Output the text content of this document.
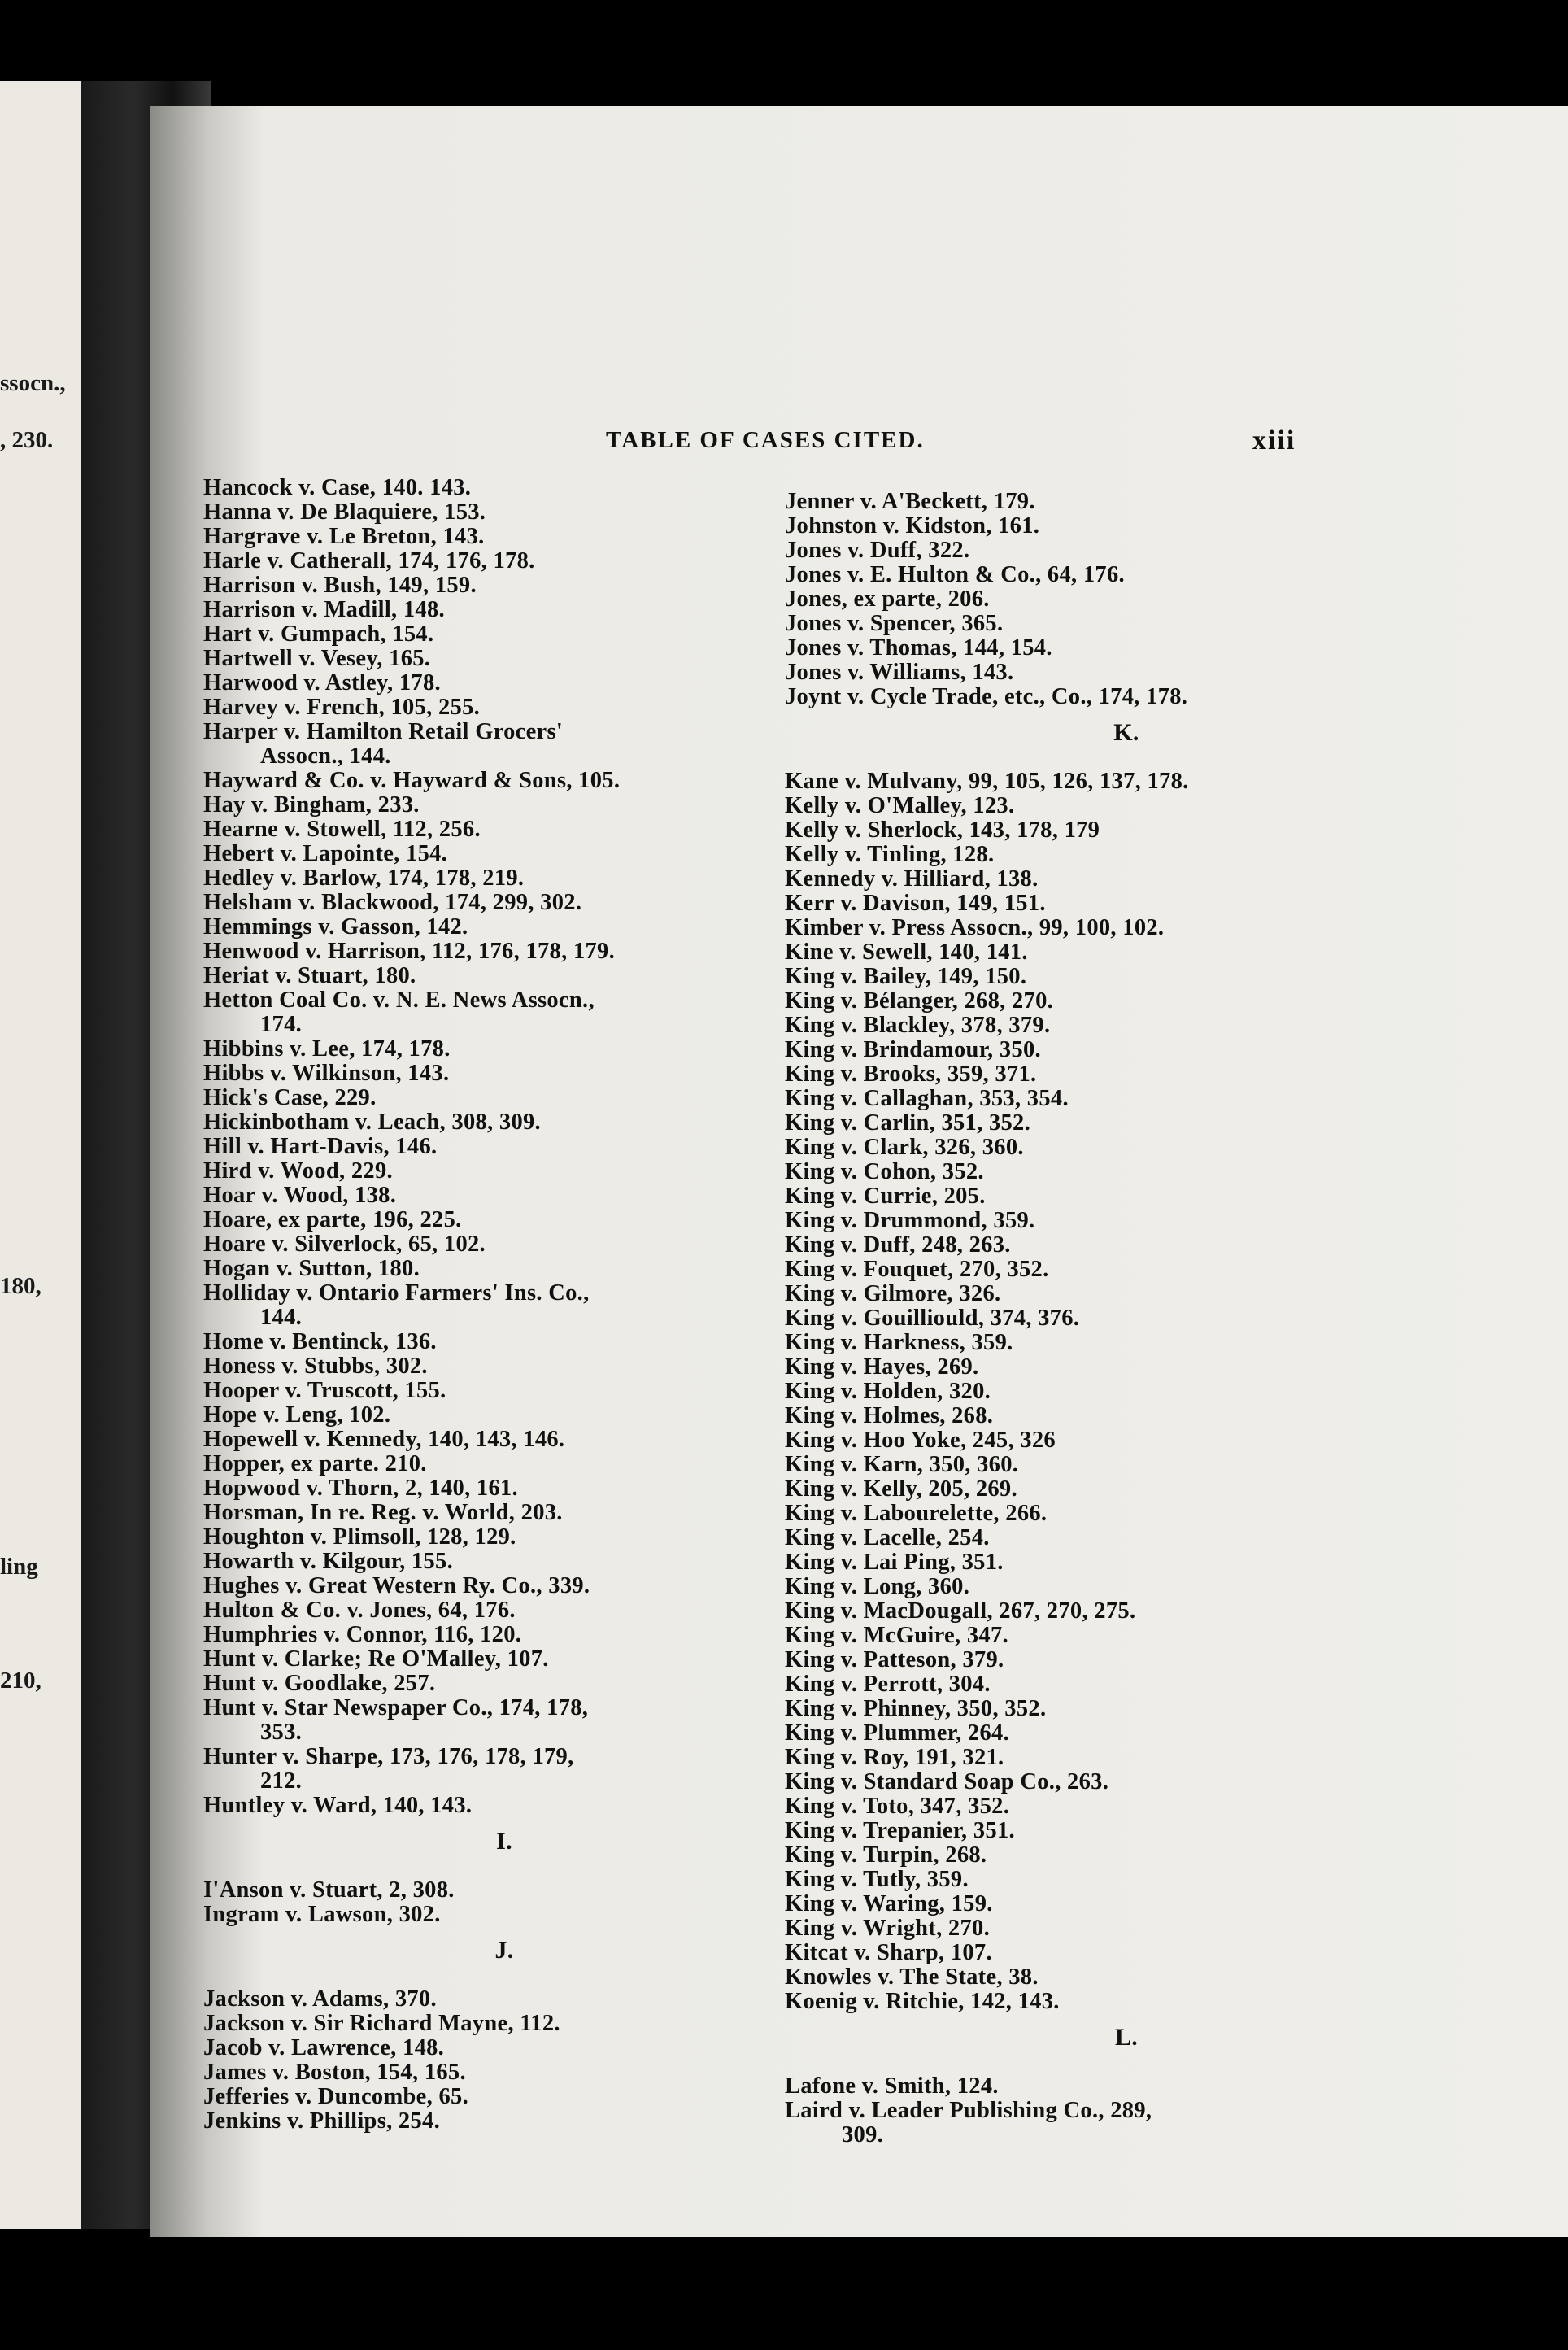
ssocn.,
, 230.
180,
ling
210,
TABLE OF CASES CITED.	xiii
Hancock v. Case, 140. 143.
Hanna v. De Blaquiere, 153.
Hargrave v. Le Breton, 143.
Harle v. Catherall, 174, 176, 178.
Harrison v. Bush, 149, 159.
Harrison v. Madill, 148.
Hart v. Gumpach, 154.
Hartwell v. Vesey, 165.
Harwood v. Astley, 178.
Harvey v. French, 105, 255.
Harper v. Hamilton Retail Grocers'
Assocn., 144.
Hayward & Co. v. Hayward & Sons, 105.
Hay v. Bingham, 233.
Hearne v. Stowell, 112, 256.
Hebert v. Lapointe, 154.
Hedley v. Barlow, 174, 178, 219.
Helsham v. Blackwood, 174, 299, 302.
Hemmings v. Gasson, 142.
Henwood v. Harrison, 112, 176, 178, 179.
Heriat v. Stuart, 180.
Hetton Coal Co. v. N. E. News Assocn.,
174.
Hibbins v. Lee, 174, 178.
Hibbs v. Wilkinson, 143.
Hick's Case, 229.
Hickinbotham v. Leach, 308, 309.
Hill v. Hart-Davis, 146.
Hird v. Wood, 229.
Hoar v. Wood, 138.
Hoare, ex parte, 196, 225.
Hoare v. Silverlock, 65, 102.
Hogan v. Sutton, 180.
Holliday v. Ontario Farmers' Ins. Co.,
144.
Home v. Bentinck, 136.
Honess v. Stubbs, 302.
Hooper v. Truscott, 155.
Hope v. Leng, 102.
Hopewell v. Kennedy, 140, 143, 146.
Hopper, ex parte. 210.
Hopwood v. Thorn, 2, 140, 161.
Horsman, In re. Reg. v. World, 203.
Houghton v. Plimsoll, 128, 129.
Howarth v. Kilgour, 155.
Hughes v. Great Western Ry. Co., 339.
Hulton & Co. v. Jones, 64, 176.
Humphries v. Connor, 116, 120.
Hunt v. Clarke; Re O'Malley, 107.
Hunt v. Goodlake, 257.
Hunt v. Star Newspaper Co., 174, 178,
353.
Hunter v. Sharpe, 173, 176, 178, 179,
212.
Huntley v. Ward, 140, 143.
I.
I'Anson v. Stuart, 2, 308.
Ingram v. Lawson, 302.
J.
Jackson v. Adams, 370.
Jackson v. Sir Richard Mayne, 112.
Jacob v. Lawrence, 148.
James v. Boston, 154, 165.
Jefferies v. Duncombe, 65.
Jenkins v. Phillips, 254.
Jenner v. A'Beckett, 179.
Johnston v. Kidston, 161.
Jones v. Duff, 322.
Jones v. E. Hulton & Co., 64, 176.
Jones, ex parte, 206.
Jones v. Spencer, 365.
Jones v. Thomas, 144, 154.
Jones v. Williams, 143.
Joynt v. Cycle Trade, etc., Co., 174, 178.
K.
Kane v. Mulvany, 99, 105, 126, 137, 178.
Kelly v. O'Malley, 123.
Kelly v. Sherlock, 143, 178, 179
Kelly v. Tinling, 128.
Kennedy v. Hilliard, 138.
Kerr v. Davison, 149, 151.
Kimber v. Press Assocn., 99, 100, 102.
Kine v. Sewell, 140, 141.
King v. Bailey, 149, 150.
King v. Bélanger, 268, 270.
King v. Blackley, 378, 379.
King v. Brindamour, 350.
King v. Brooks, 359, 371.
King v. Callaghan, 353, 354.
King v. Carlin, 351, 352.
King v. Clark, 326, 360.
King v. Cohon, 352.
King v. Currie, 205.
King v. Drummond, 359.
King v. Duff, 248, 263.
King v. Fouquet, 270, 352.
King v. Gilmore, 326.
King v. Gouilliould, 374, 376.
King v. Harkness, 359.
King v. Hayes, 269.
King v. Holden, 320.
King v. Holmes, 268.
King v. Hoo Yoke, 245, 326
King v. Karn, 350, 360.
King v. Kelly, 205, 269.
King v. Labourelette, 266.
King v. Lacelle, 254.
King v. Lai Ping, 351.
King v. Long, 360.
King v. MacDougall, 267, 270, 275.
King v. McGuire, 347.
King v. Patteson, 379.
King v. Perrott, 304.
King v. Phinney, 350, 352.
King v. Plummer, 264.
King v. Roy, 191, 321.
King v. Standard Soap Co., 263.
King v. Toto, 347, 352.
King v. Trepanier, 351.
King v. Turpin, 268.
King v. Tutly, 359.
King v. Waring, 159.
King v. Wright, 270.
Kitcat v. Sharp, 107.
Knowles v. The State, 38.
Koenig v. Ritchie, 142, 143.
L.
Lafone v. Smith, 124.
Laird v. Leader Publishing Co., 289,
309.
